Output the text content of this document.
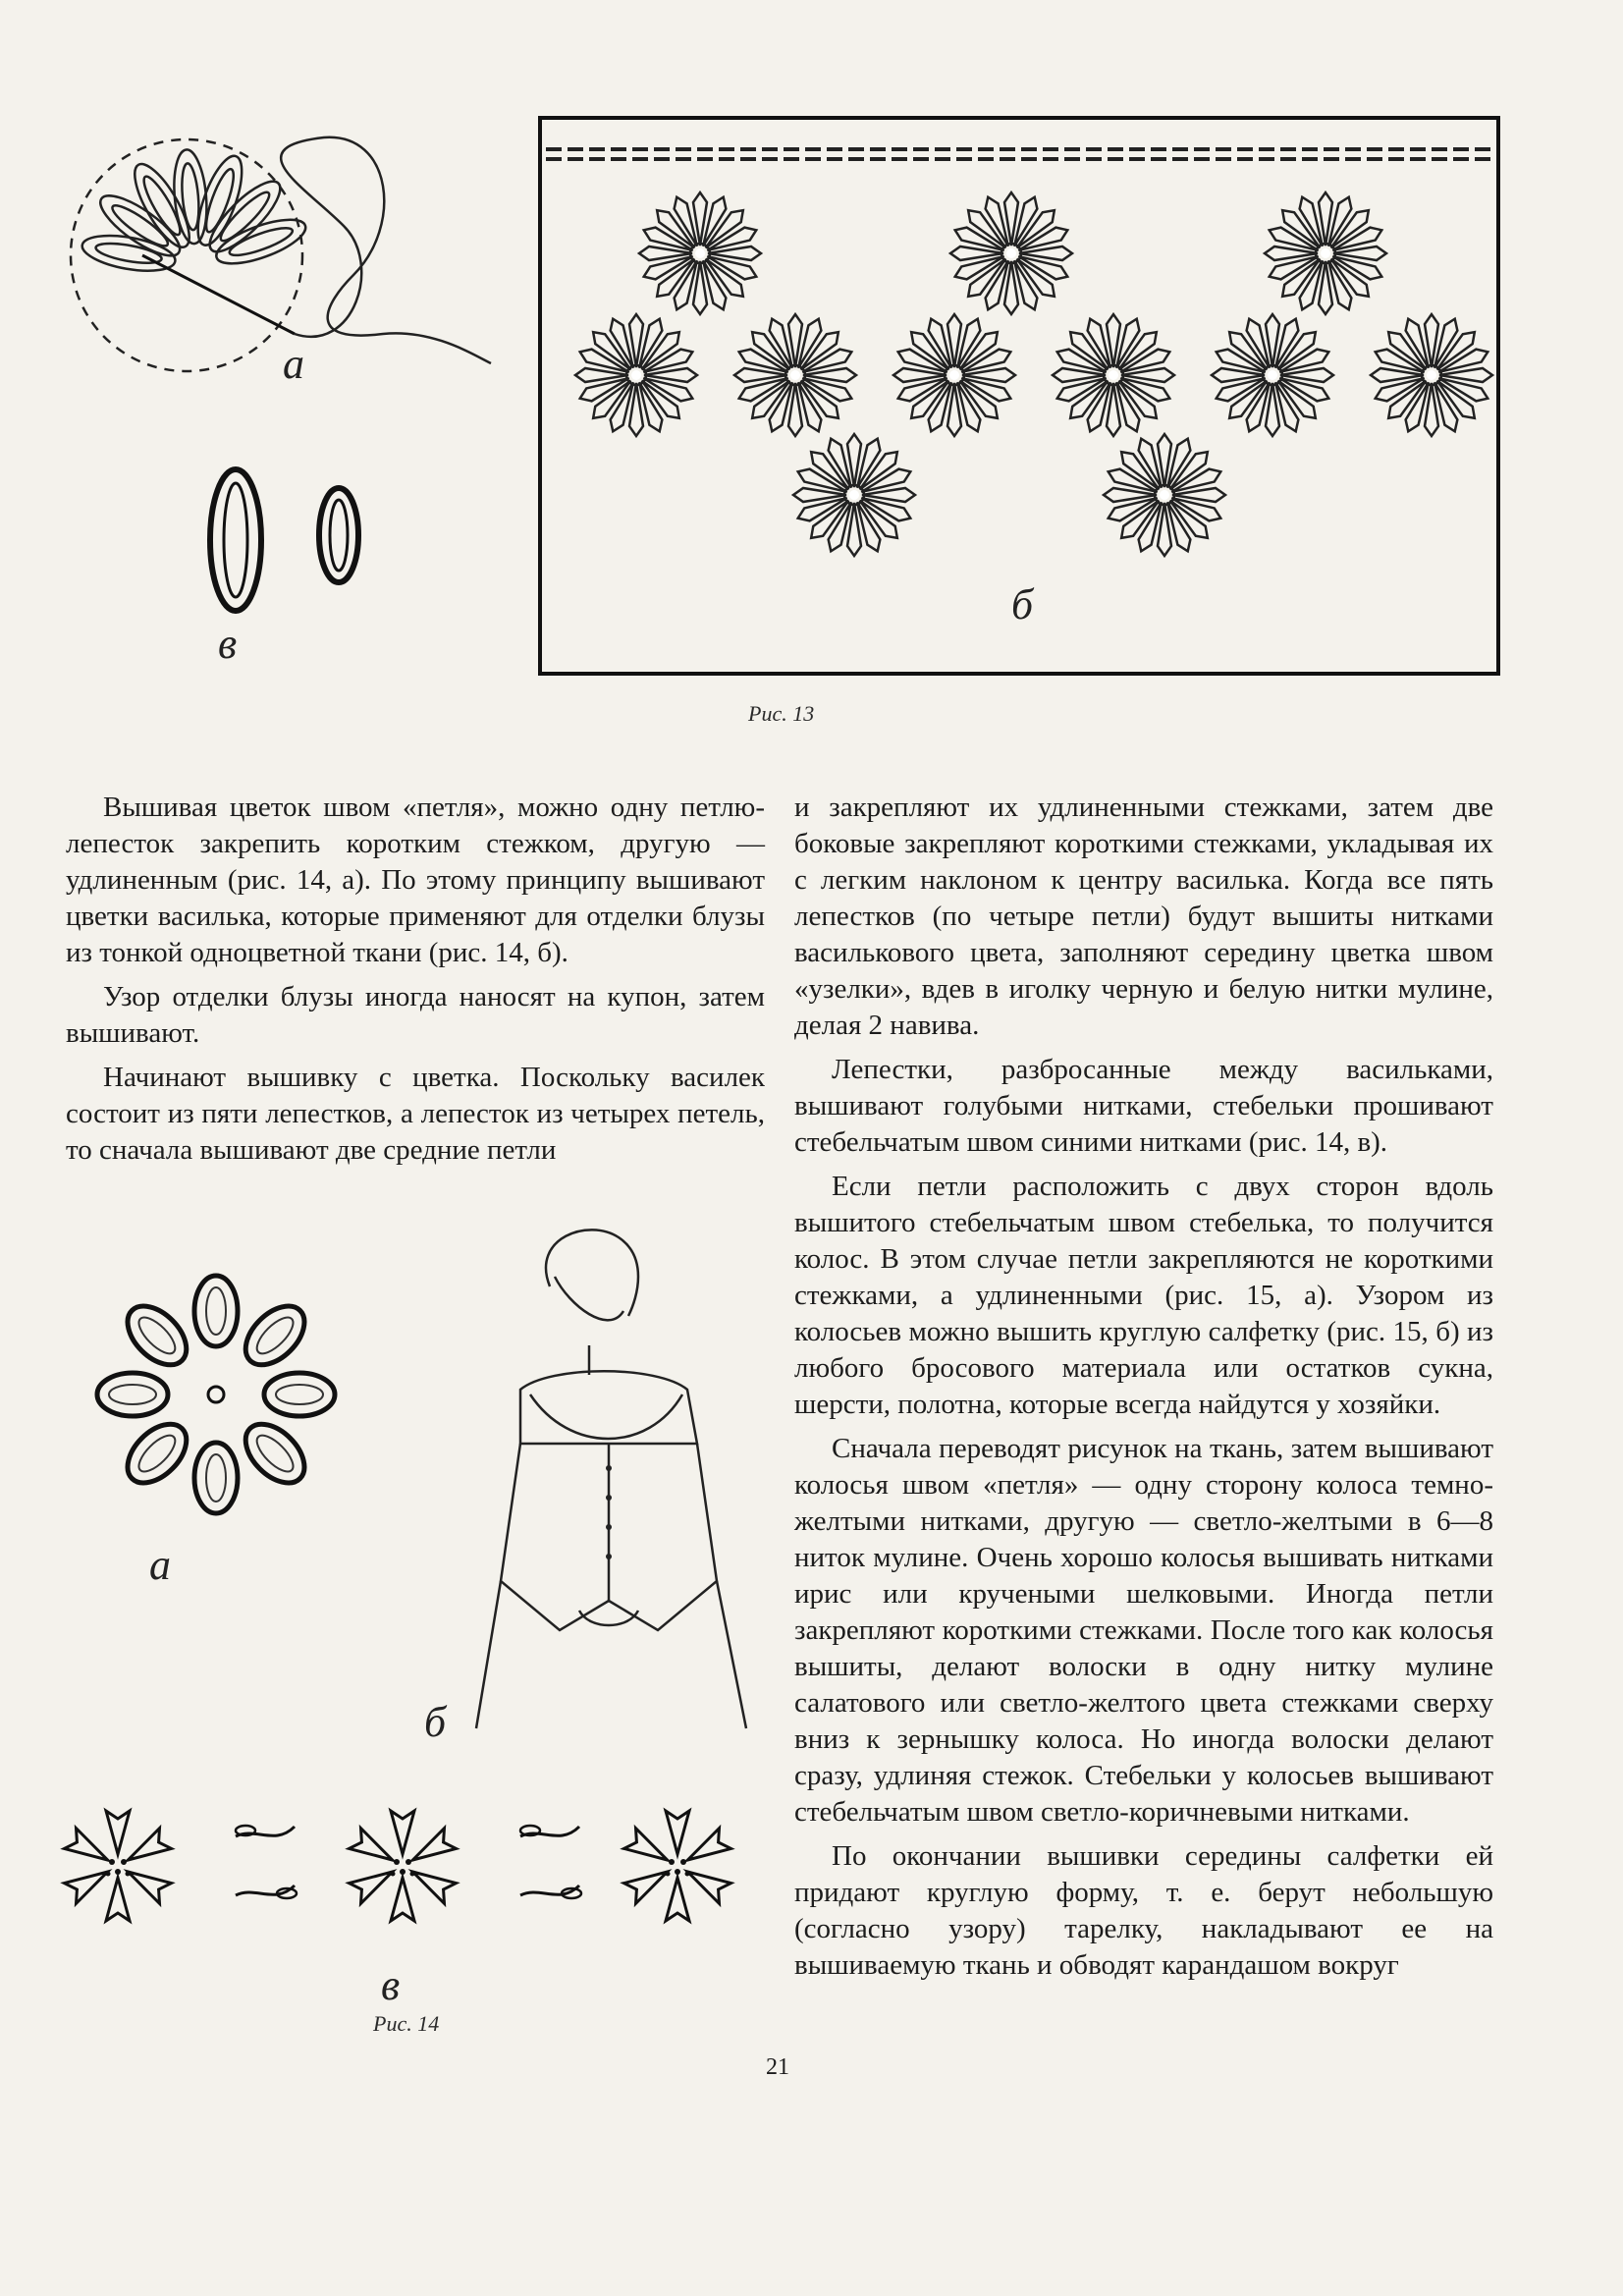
а
в
б
Рис. 13

Вышивая цветок швом «петля», можно одну петлю-лепесток закрепить коротким стежком, другую — удлиненным (рис. 14, а). По этому принципу вышивают цветки василька, которые применяют для отделки блузы из тонкой одноцветной ткани (рис. 14, б).

Узор отделки блузы иногда наносят на купон, затем вышивают.

Начинают вышивку с цветка. Поскольку василек состоит из пяти лепестков, а лепесток из четырех петель, то сначала вышивают две средние петли

и закрепляют их удлиненными стежками, затем две боковые закрепляют короткими стежками, укладывая их с легким наклоном к центру василька. Когда все пять лепестков (по четыре петли) будут вышиты нитками василькового цвета, заполняют середину цветка швом «узелки», вдев в иголку черную и белую нитки мулине, делая 2 навива.

Лепестки, разбросанные между васильками, вышивают голубыми нитками, стебельки прошивают стебельчатым швом синими нитками (рис. 14, в).

Если петли расположить с двух сторон вдоль вышитого стебельчатым швом стебелька, то получится колос. В этом случае петли закрепляются не короткими стежками, а удлиненными (рис. 15, а). Узором из колосьев можно вышить круглую салфетку (рис. 15, б) из любого бросового материала или остатков сукна, шерсти, полотна, которые всегда найдутся у хозяйки.

Сначала переводят рисунок на ткань, затем вышивают колосья швом «петля» — одну сторону колоса темно-желтыми нитками, другую — светло-желтыми в 6—8 ниток мулине. Очень хорошо колосья вышивать нитками ирис или кручеными шелковыми. Иногда петли закрепляют короткими стежками. После того как колосья вышиты, делают волоски в одну нитку мулине салатового или светло-желтого цвета стежками сверху вниз к зернышку колоса. Но иногда волоски делают сразу, удлиняя стежок. Стебельки у колосьев вышивают стебельчатым швом светло-коричневыми нитками.

По окончании вышивки середины салфетки ей придают круглую форму, т. е. берут небольшую (согласно узору) тарелку, накладывают ее на вышиваемую ткань и обводят карандашом вокруг

а
б
в
Рис. 14
21
